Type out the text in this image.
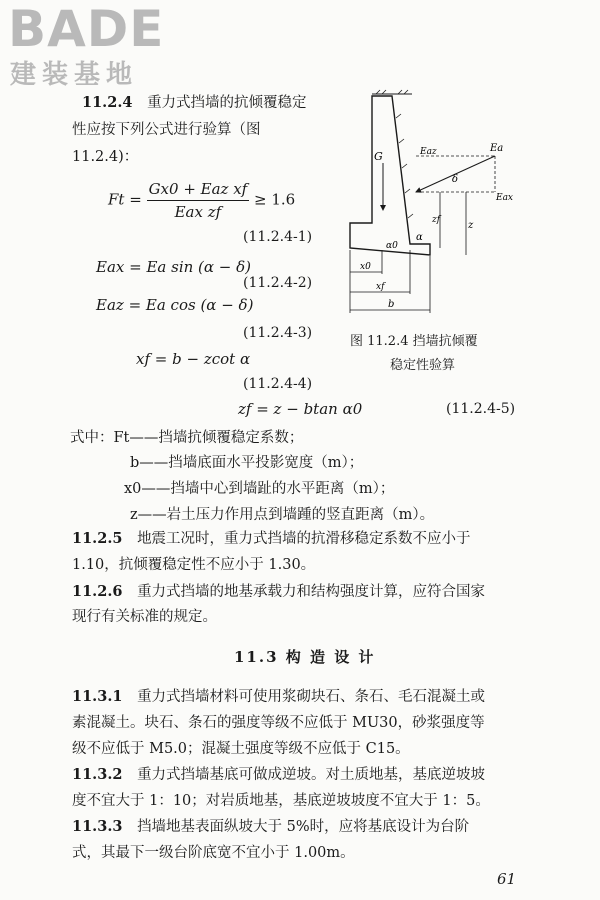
BADE
建装基地
11.2.4 重力式挡墙的抗倾覆稳定
性应按下列公式进行验算（图
11.2.4)：
$Ft = \frac{\text{Gx0 + Eaz xf}}{\text{Eax zf}} \ge 1.6$
(11.2.4-1)
Eax = Ea sin (α − δ)
(11.2.4-2)
Eaz = Ea cos (α − δ)
(11.2.4-3)
xf = b − zcot α
(11.2.4-4)
zf = z − btan α0	(11.2.4-5)
G	Eaz	Ea
Eax
δ
α
α0
zf	z
x0
xf
b
图 11.2.4 挡墙抗倾覆
稳定性验算
式中：Ft——挡墙抗倾覆稳定系数；
b——挡墙底面水平投影宽度（m）；
x0——挡墙中心到墙趾的水平距离（m）；
z——岩土压力作用点到墙踵的竖直距离（m）。
11.2.5 地震工况时，重力式挡墙的抗滑移稳定系数不应小于
1.10，抗倾覆稳定性不应小于 1.30。
11.2.6 重力式挡墙的地基承载力和结构强度计算，应符合国家
现行有关标准的规定。
11.3 构 造 设 计
11.3.1 重力式挡墙材料可使用浆砌块石、条石、毛石混凝土或
素混凝土。块石、条石的强度等级不应低于 MU30，砂浆强度等
级不应低于 M5.0；混凝土强度等级不应低于 C15。
11.3.2 重力式挡墙基底可做成逆坡。对土质地基，基底逆坡坡
度不宜大于 1：10；对岩质地基，基底逆坡坡度不宜大于 1：5。
11.3.3 挡墙地基表面纵坡大于 5%时，应将基底设计为台阶
式，其最下一级台阶底宽不宜小于 1.00m。
61
